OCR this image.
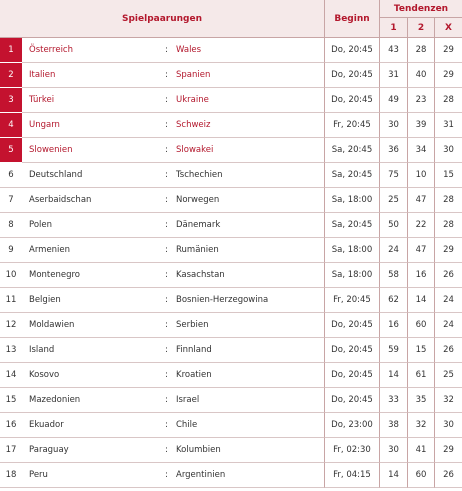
Spielpaarungen				Beginn	Tendenzen		
					1	2	X
1	Österreich	:	Wales	Do, 20:45	43	28	29
2	Italien	:	Spanien	Do, 20:45	31	40	29
3	Türkei	:	Ukraine	Do, 20:45	49	23	28
4	Ungarn	:	Schweiz	Fr, 20:45	30	39	31
5	Slowenien	:	Slowakei	Sa, 20:45	36	34	30
6	Deutschland	:	Tschechien	Sa, 20:45	75	10	15
7	Aserbaidschan	:	Norwegen	Sa, 18:00	25	47	28
8	Polen	:	Dänemark	Sa, 20:45	50	22	28
9	Armenien	:	Rumänien	Sa, 18:00	24	47	29
10	Montenegro	:	Kasachstan	Sa, 18:00	58	16	26
11	Belgien	:	Bosnien-Herzegowina	Fr, 20:45	62	14	24
12	Moldawien	:	Serbien	Do, 20:45	16	60	24
13	Island	:	Finnland	Do, 20:45	59	15	26
14	Kosovo	:	Kroatien	Do, 20:45	14	61	25
15	Mazedonien	:	Israel	Do, 20:45	33	35	32
16	Ekuador	:	Chile	Do, 23:00	38	32	30
17	Paraguay	:	Kolumbien	Fr, 02:30	30	41	29
18	Peru	:	Argentinien	Fr, 04:15	14	60	26
